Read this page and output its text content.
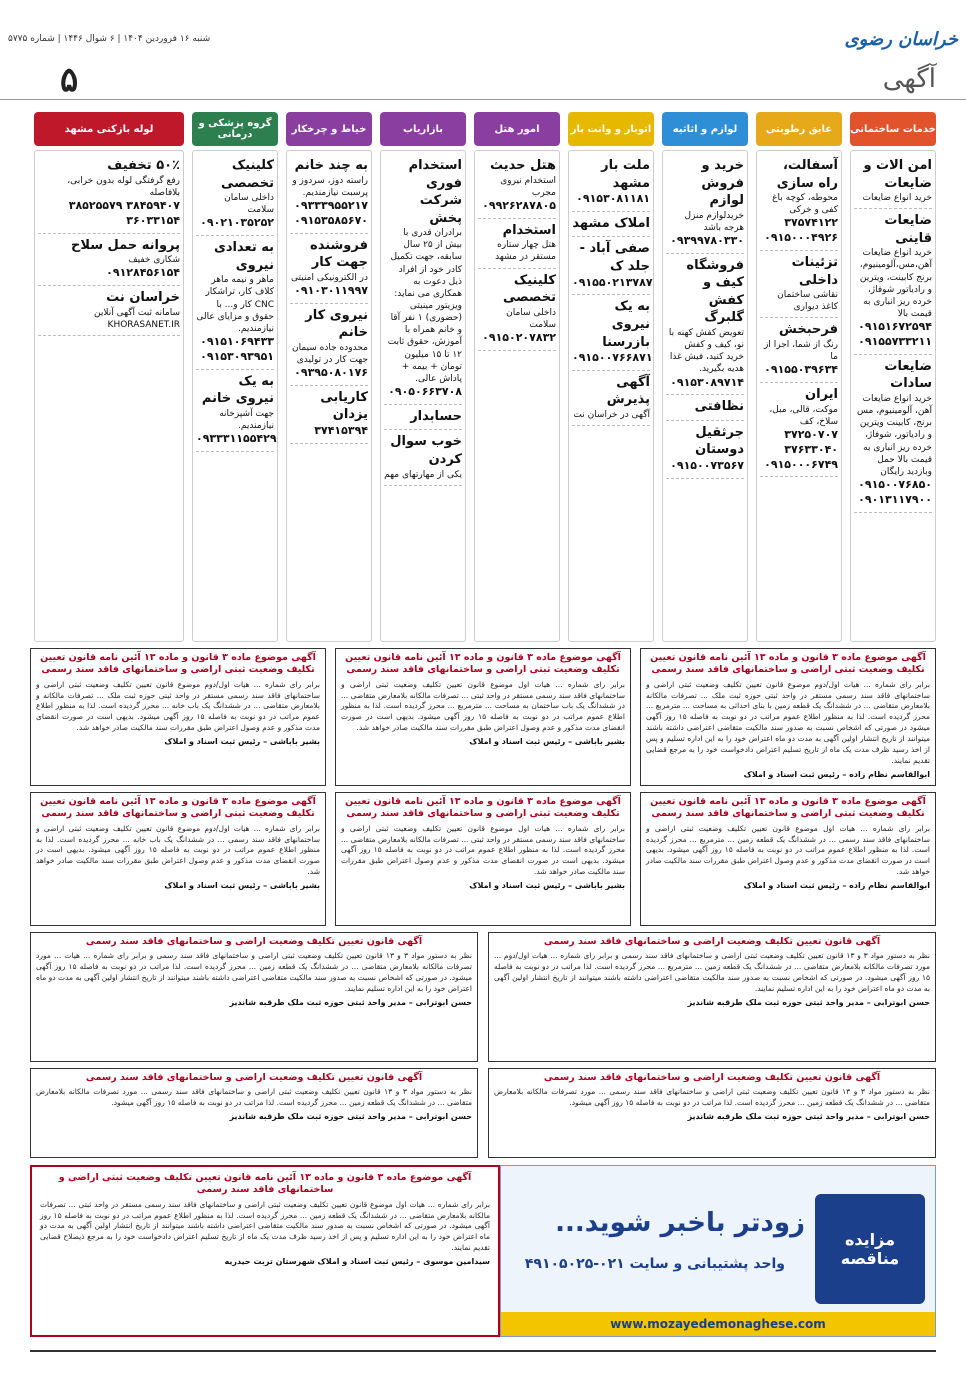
خراسان رضوی
شنبه ۱۶ فروردین ۱۴۰۴ | ۶ شوال ۱۴۴۶ | شماره ۵۷۷۵
۵	آگهی
خدمات ساختمانی
امن الات و ضایعات
خرید انواع ضایعات
ضایعات قاینی
خرید انواع ضایعات آهن،مس،آلومینیوم، برنج کابینت، ویترین و رادیاتور شوفاژ، خرده ریز انباری به قیمت بالا
۰۹۱۵۱۶۷۲۵۹۴ ۰۹۱۵۵۷۳۳۲۱۱
ضایعات سادات
خرید انواع ضایعات آهن، آلومینیوم، مس برنج، کابینت ویترین و رادیاتور، شوفاژ، خرده ریز انباری به قیمت بالا حمل وبازدید رایگان
۰۹۱۵۰۰۷۶۸۵۰ ۰۹۰۱۳۱۱۷۹۰۰
عایق رطوبتی
آسفالت، راه سازی
محوطه، کوچه باغ کفی و خرکی
۳۷۵۷۴۱۲۲ ۰۹۱۵۰۰۰۴۹۲۶
تزئینات داخلی
نقاشی ساختمان کاغذ دیواری
فرحبخش
رنگ از شما، اجرا از ما
۰۹۱۵۵۰۳۹۶۳۴
ایران
موکت، قالی، مبل، سلاخ، کف
۳۷۲۵۰۷۰۷ ۳۷۶۳۳۰۴۰ ۰۹۱۵۰۰۰۶۷۴۹
لوازم و اثاثیه
خرید و فروش لوازم
خریدلوازم منزل هرجه باشد
۰۹۳۹۹۷۸۰۳۳۰
فروشگاه کیف و کفش گلبرگ
تعویض کفش کهنه با نو، کیف و کفش خرید کنید، فیش غذا هدیه بگیرید.
۰۹۱۵۳۰۸۹۷۱۴
نظافتی
جرثقیل دوستان
۰۹۱۵۰۰۷۳۵۶۷
اتوبار و وانت بار
ملت بار مشهد
۰۹۱۵۳۰۸۱۱۸۱
املاک مشهد
صفی آباد - جلد ک
۰۹۱۵۵۰۲۱۳۷۸۷
به یک نیروی بازرسنا
۰۹۱۵۰۰۷۶۶۸۷۱
آگهی پذیرش
آگهی در خراسان نت
امور هتل
هتل حدیث
استخدام نیروی مجرب
۰۹۹۲۶۲۸۷۸۰۵
استخدام
هتل چهار ستاره مستقر در مشهد
کلینیک تخصصی
داخلی سامان سلامت
۰۹۱۵۰۲۰۷۸۳۲
بازاریاب
استخدام فوری شرکت پخش
برادران قدری با بیش از ۲۵ سال سابقه، جهت تکمیل کادر خود از افراد ذیل دعوت به همکاری می نماید: ویزیتور مینیتی (حضوری) ۱ نفر آقا و خانم همراه با آموزش، حقوق ثابت ۱۲ تا ۱۵ میلیون تومان + بیمه + پاداش عالی.
۰۹۰۵۰۶۶۳۷۰۸
حسابدار
خوب سوال کردن
یکی از مهارتهای مهم
خیاط و چرخکار
به چند خانم
راسته دوز، سردوز و پرسبت نیازمندیم.
۰۹۳۳۳۹۵۵۲۱۷ ۰۹۱۵۳۵۸۵۶۷۰
فروشنده جهت کار
در الکترونیکی امنیتی
۰۹۱۰۳۰۱۱۹۹۷
نیروی کار خانم
محدوده جاده سیمان جهت کار در تولیدی
۰۹۳۹۵۰۸۰۱۷۶
کاریابی یزدان
۳۷۴۱۵۳۹۴
گروه پزشکی و درمانی
کلینیک تخصصی
داخلی سامان سلامت
۰۹۰۲۱۰۳۵۲۵۲
به تعدادی نیروی
ماهر و نیمه ماهر کلاف کار، تراشکار CNC کار و... با حقوق و مزایای عالی نیازمندیم.
۰۹۱۵۱۰۶۹۴۳۳ ۰۹۱۵۳۰۹۳۹۵۱
به یک نیروی خانم
جهت آشپزخانه نیازمندیم.
۰۹۳۳۳۱۱۵۵۴۲۹
لوله بازکنی مشهد
۵۰٪ تخفیف
رفع گرفتگی لوله بدون خرابی، بلافاصله
۳۸۵۲۵۵۷۹ ۳۸۴۵۹۴۰۷ ۳۶۰۳۳۱۵۴
پروانه حمل سلاح
شکاری خفیف
۰۹۱۲۸۴۵۶۱۵۴
خراسان نت
سامانه ثبت آگهی آنلاین KHORASANET.IR
آگهی موضوع ماده ۳ قانون و ماده ۱۳ آئین نامه قانون تعیین تکلیف وضعیت ثبتی اراضی و ساختمانهای فاقد سند رسمی
برابر رای شماره ... هیات اول/دوم موضوع قانون تعیین تکلیف وضعیت ثبتی اراضی و ساختمانهای فاقد سند رسمی مستقر در واحد ثبتی حوزه ثبت ملک ... تصرفات مالکانه بلامعارض متقاضی ... در ششدانگ یک قطعه زمین با بنای احداثی به مساحت ... مترمربع ... محرز گردیده است. لذا به منظور اطلاع عموم مراتب در دو نوبت به فاصله ۱۵ روز آگهی میشود در صورتی که اشخاص نسبت به صدور سند مالکیت متقاضی اعتراضی داشته باشند میتوانند از تاریخ انتشار اولین آگهی به مدت دو ماه اعتراض خود را به این اداره تسلیم و پس از اخذ رسید ظرف مدت یک ماه از تاریخ تسلیم اعتراض دادخواست خود را به مرجع قضایی تقدیم نمایند.
ابوالقاسم نظام زاده – رئیس ثبت اسناد و املاک
آگهی موضوع ماده ۳ قانون و ماده ۱۳ آئین نامه قانون تعیین تکلیف وضعیت ثبتی اراضی و ساختمانهای فاقد سند رسمی
برابر رای شماره ... هیات اول موضوع قانون تعیین تکلیف وضعیت ثبتی اراضی و ساختمانهای فاقد سند رسمی مستقر در واحد ثبتی ... تصرفات مالکانه بلامعارض متقاضی ... در ششدانگ یک باب ساختمان به مساحت ... مترمربع ... محرز گردیده است. لذا به منظور اطلاع عموم مراتب در دو نوبت به فاصله ۱۵ روز آگهی میشود. بدیهی است در صورت انقضای مدت مذکور و عدم وصول اعتراض طبق مقررات سند مالکیت صادر خواهد شد.
بشیر باباشی – رئیس ثبت اسناد و املاک
آگهی موضوع ماده ۳ قانون و ماده ۱۳ آئین نامه قانون تعیین تکلیف وضعیت ثبتی اراضی و ساختمانهای فاقد سند رسمی
برابر رای شماره ... هیات اول/دوم موضوع قانون تعیین تکلیف وضعیت ثبتی اراضی و ساختمانهای فاقد سند رسمی مستقر در واحد ثبتی حوزه ثبت ملک ... تصرفات مالکانه و بلامعارض متقاضی ... در ششدانگ یک باب خانه ... محرز گردیده است. لذا به منظور اطلاع عموم مراتب در دو نوبت به فاصله ۱۵ روز آگهی میشود. بدیهی است در صورت انقضای مدت مذکور و عدم وصول اعتراض طبق مقررات سند مالکیت صادر خواهد شد.
بشیر باباشی – رئیس ثبت اسناد و املاک
آگهی موضوع ماده ۳ قانون و ماده ۱۳ آئین نامه قانون تعیین تکلیف وضعیت ثبتی اراضی و ساختمانهای فاقد سند رسمی
برابر رای شماره ... هیات اول موضوع قانون تعیین تکلیف وضعیت ثبتی اراضی و ساختمانهای فاقد سند رسمی ... در ششدانگ یک قطعه زمین ... مترمربع ... محرز گردیده است. لذا به منظور اطلاع عموم مراتب در دو نوبت به فاصله ۱۵ روز آگهی میشود. بدیهی است در صورت انقضای مدت مذکور و عدم وصول اعتراض طبق مقررات سند مالکیت صادر خواهد شد.
ابوالقاسم نظام زاده – رئیس ثبت اسناد و املاک
آگهی موضوع ماده ۳ قانون و ماده ۱۳ آئین نامه قانون تعیین تکلیف وضعیت ثبتی اراضی و ساختمانهای فاقد سند رسمی
برابر رای شماره ... هیات اول موضوع قانون تعیین تکلیف وضعیت ثبتی اراضی و ساختمانهای فاقد سند رسمی مستقر در واحد ثبتی ... تصرفات مالکانه بلامعارض متقاضی ... محرز گردیده است. لذا به منظور اطلاع عموم مراتب در دو نوبت به فاصله ۱۵ روز آگهی میشود. بدیهی است در صورت انقضای مدت مذکور و عدم وصول اعتراض طبق مقررات سند مالکیت صادر خواهد شد.
بشیر باباشی – رئیس ثبت اسناد و املاک
آگهی موضوع ماده ۳ قانون و ماده ۱۳ آئین نامه قانون تعیین تکلیف وضعیت ثبتی اراضی و ساختمانهای فاقد سند رسمی
برابر رای شماره ... هیات اول/دوم موضوع قانون تعیین تکلیف وضعیت ثبتی اراضی و ساختمانهای فاقد سند رسمی ... در ششدانگ یک باب خانه ... محرز گردیده است. لذا به منظور اطلاع عموم مراتب در دو نوبت به فاصله ۱۵ روز آگهی میشود. بدیهی است در صورت انقضای مدت مذکور و عدم وصول اعتراض طبق مقررات سند مالکیت صادر خواهد شد.
بشیر باباشی – رئیس ثبت اسناد و املاک
آگهی قانون تعیین تکلیف وضعیت اراضی و ساختمانهای فاقد سند رسمی
نظر به دستور مواد ۳ و ۱۳ قانون تعیین تکلیف وضعیت ثبتی اراضی و ساختمانهای فاقد سند رسمی و برابر رای شماره ... هیات اول/دوم ... مورد تصرفات مالکانه بلامعارض متقاضی ... در ششدانگ یک قطعه زمین ... مترمربع ... محرز گردیده است. لذا مراتب در دو نوبت به فاصله ۱۵ روز آگهی میشود. در صورتی که اشخاص نسبت به صدور سند مالکیت متقاضی اعتراضی داشته باشند میتوانند از تاریخ انتشار اولین آگهی به مدت دو ماه اعتراض خود را به این اداره تسلیم نمایند.
حسن ابوترابی – مدیر واحد ثبتی حوزه ثبت ملک طرقبه شاندیز
آگهی قانون تعیین تکلیف وضعیت اراضی و ساختمانهای فاقد سند رسمی
نظر به دستور مواد ۳ و ۱۳ قانون تعیین تکلیف وضعیت ثبتی اراضی و ساختمانهای فاقد سند رسمی و برابر رای شماره ... هیات ... مورد تصرفات مالکانه بلامعارض متقاضی ... در ششدانگ یک قطعه زمین ... محرز گردیده است. لذا مراتب در دو نوبت به فاصله ۱۵ روز آگهی میشود. در صورتی که اشخاص نسبت به صدور سند مالکیت متقاضی اعتراضی داشته باشند میتوانند از تاریخ انتشار اولین آگهی به مدت دو ماه اعتراض خود را به این اداره تسلیم نمایند.
حسن ابوترابی – مدیر واحد ثبتی حوزه ثبت ملک طرقبه شاندیز
آگهی قانون تعیین تکلیف وضعیت اراضی و ساختمانهای فاقد سند رسمی
نظر به دستور مواد ۳ و ۱۳ قانون تعیین تکلیف وضعیت ثبتی اراضی و ساختمانهای فاقد سند رسمی ... مورد تصرفات مالکانه بلامعارض متقاضی ... در ششدانگ یک قطعه زمین ... محرز گردیده است. لذا مراتب در دو نوبت به فاصله ۱۵ روز آگهی میشود.
حسن ابوترابی – مدیر واحد ثبتی حوزه ثبت ملک طرقبه شاندیز
آگهی قانون تعیین تکلیف وضعیت اراضی و ساختمانهای فاقد سند رسمی
نظر به دستور مواد ۳ و ۱۳ قانون تعیین تکلیف وضعیت ثبتی اراضی و ساختمانهای فاقد سند رسمی ... مورد تصرفات مالکانه بلامعارض متقاضی ... در ششدانگ یک قطعه زمین ... محرز گردیده است. لذا مراتب در دو نوبت به فاصله ۱۵ روز آگهی میشود.
حسن ابوترابی – مدیر واحد ثبتی حوزه ثبت ملک طرقبه شاندیز
آگهی موضوع ماده ۳ قانون و ماده ۱۳ آئین نامه قانون تعیین تکلیف وضعیت ثبتی اراضی و ساختمانهای فاقد سند رسمی
برابر رای شماره ... هیات اول موضوع قانون تعیین تکلیف وضعیت ثبتی اراضی و ساختمانهای فاقد سند رسمی مستقر در واحد ثبتی ... تصرفات مالکانه بلامعارض متقاضی ... در ششدانگ یک قطعه زمین ... محرز گردیده است. لذا به منظور اطلاع عموم مراتب در دو نوبت به فاصله ۱۵ روز آگهی میشود. در صورتی که اشخاص نسبت به صدور سند مالکیت متقاضی اعتراضی داشته باشند میتوانند از تاریخ انتشار اولین آگهی به مدت دو ماه اعتراض خود را به این اداره تسلیم و پس از اخذ رسید ظرف مدت یک ماه از تاریخ تسلیم اعتراض دادخواست خود را به مرجع ذیصلاح قضایی تقدیم نمایند.
سیدامین موسوی – رئیس ثبت اسناد و املاک شهرستان تربت حیدریه
مزایده مناقصه
زودتر باخبر شوید...
واحد پشتیبانی و سایت ۰۲۱-۴۹۱۰۵۰۲۵
www.mozayedemonaghese.com
